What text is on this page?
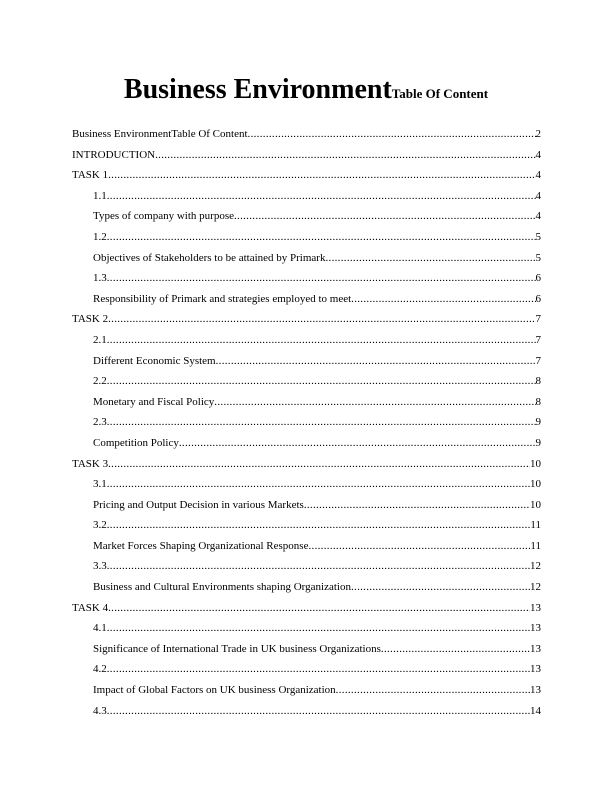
Business EnvironmentTable Of Content
Business EnvironmentTable Of Content .....	2
INTRODUCTION .....	4
TASK 1 .....	4
1.1 .....	4
Types of company with purpose .....	4
1.2 .....	5
Objectives of Stakeholders to be attained by Primark .....	5
1.3 .....	6
Responsibility of Primark and strategies employed to meet .....	6
TASK 2 .....	7
2.1 .....	7
Different Economic System .....	7
2.2 .....	8
Monetary and Fiscal Policy .....	8
2.3 .....	9
Competition Policy .....	9
TASK 3 .....	10
3.1 .....	10
Pricing and Output Decision in various Markets .....	10
3.2 .....	11
Market Forces Shaping Organizational Response .....	11
3.3 .....	12
Business and Cultural Environments shaping Organization .....	12
TASK 4 .....	13
4.1 .....	13
Significance of International Trade in UK business Organizations .....	13
4.2 .....	13
Impact of Global Factors on UK business Organization .....	13
4.3 .....	14
